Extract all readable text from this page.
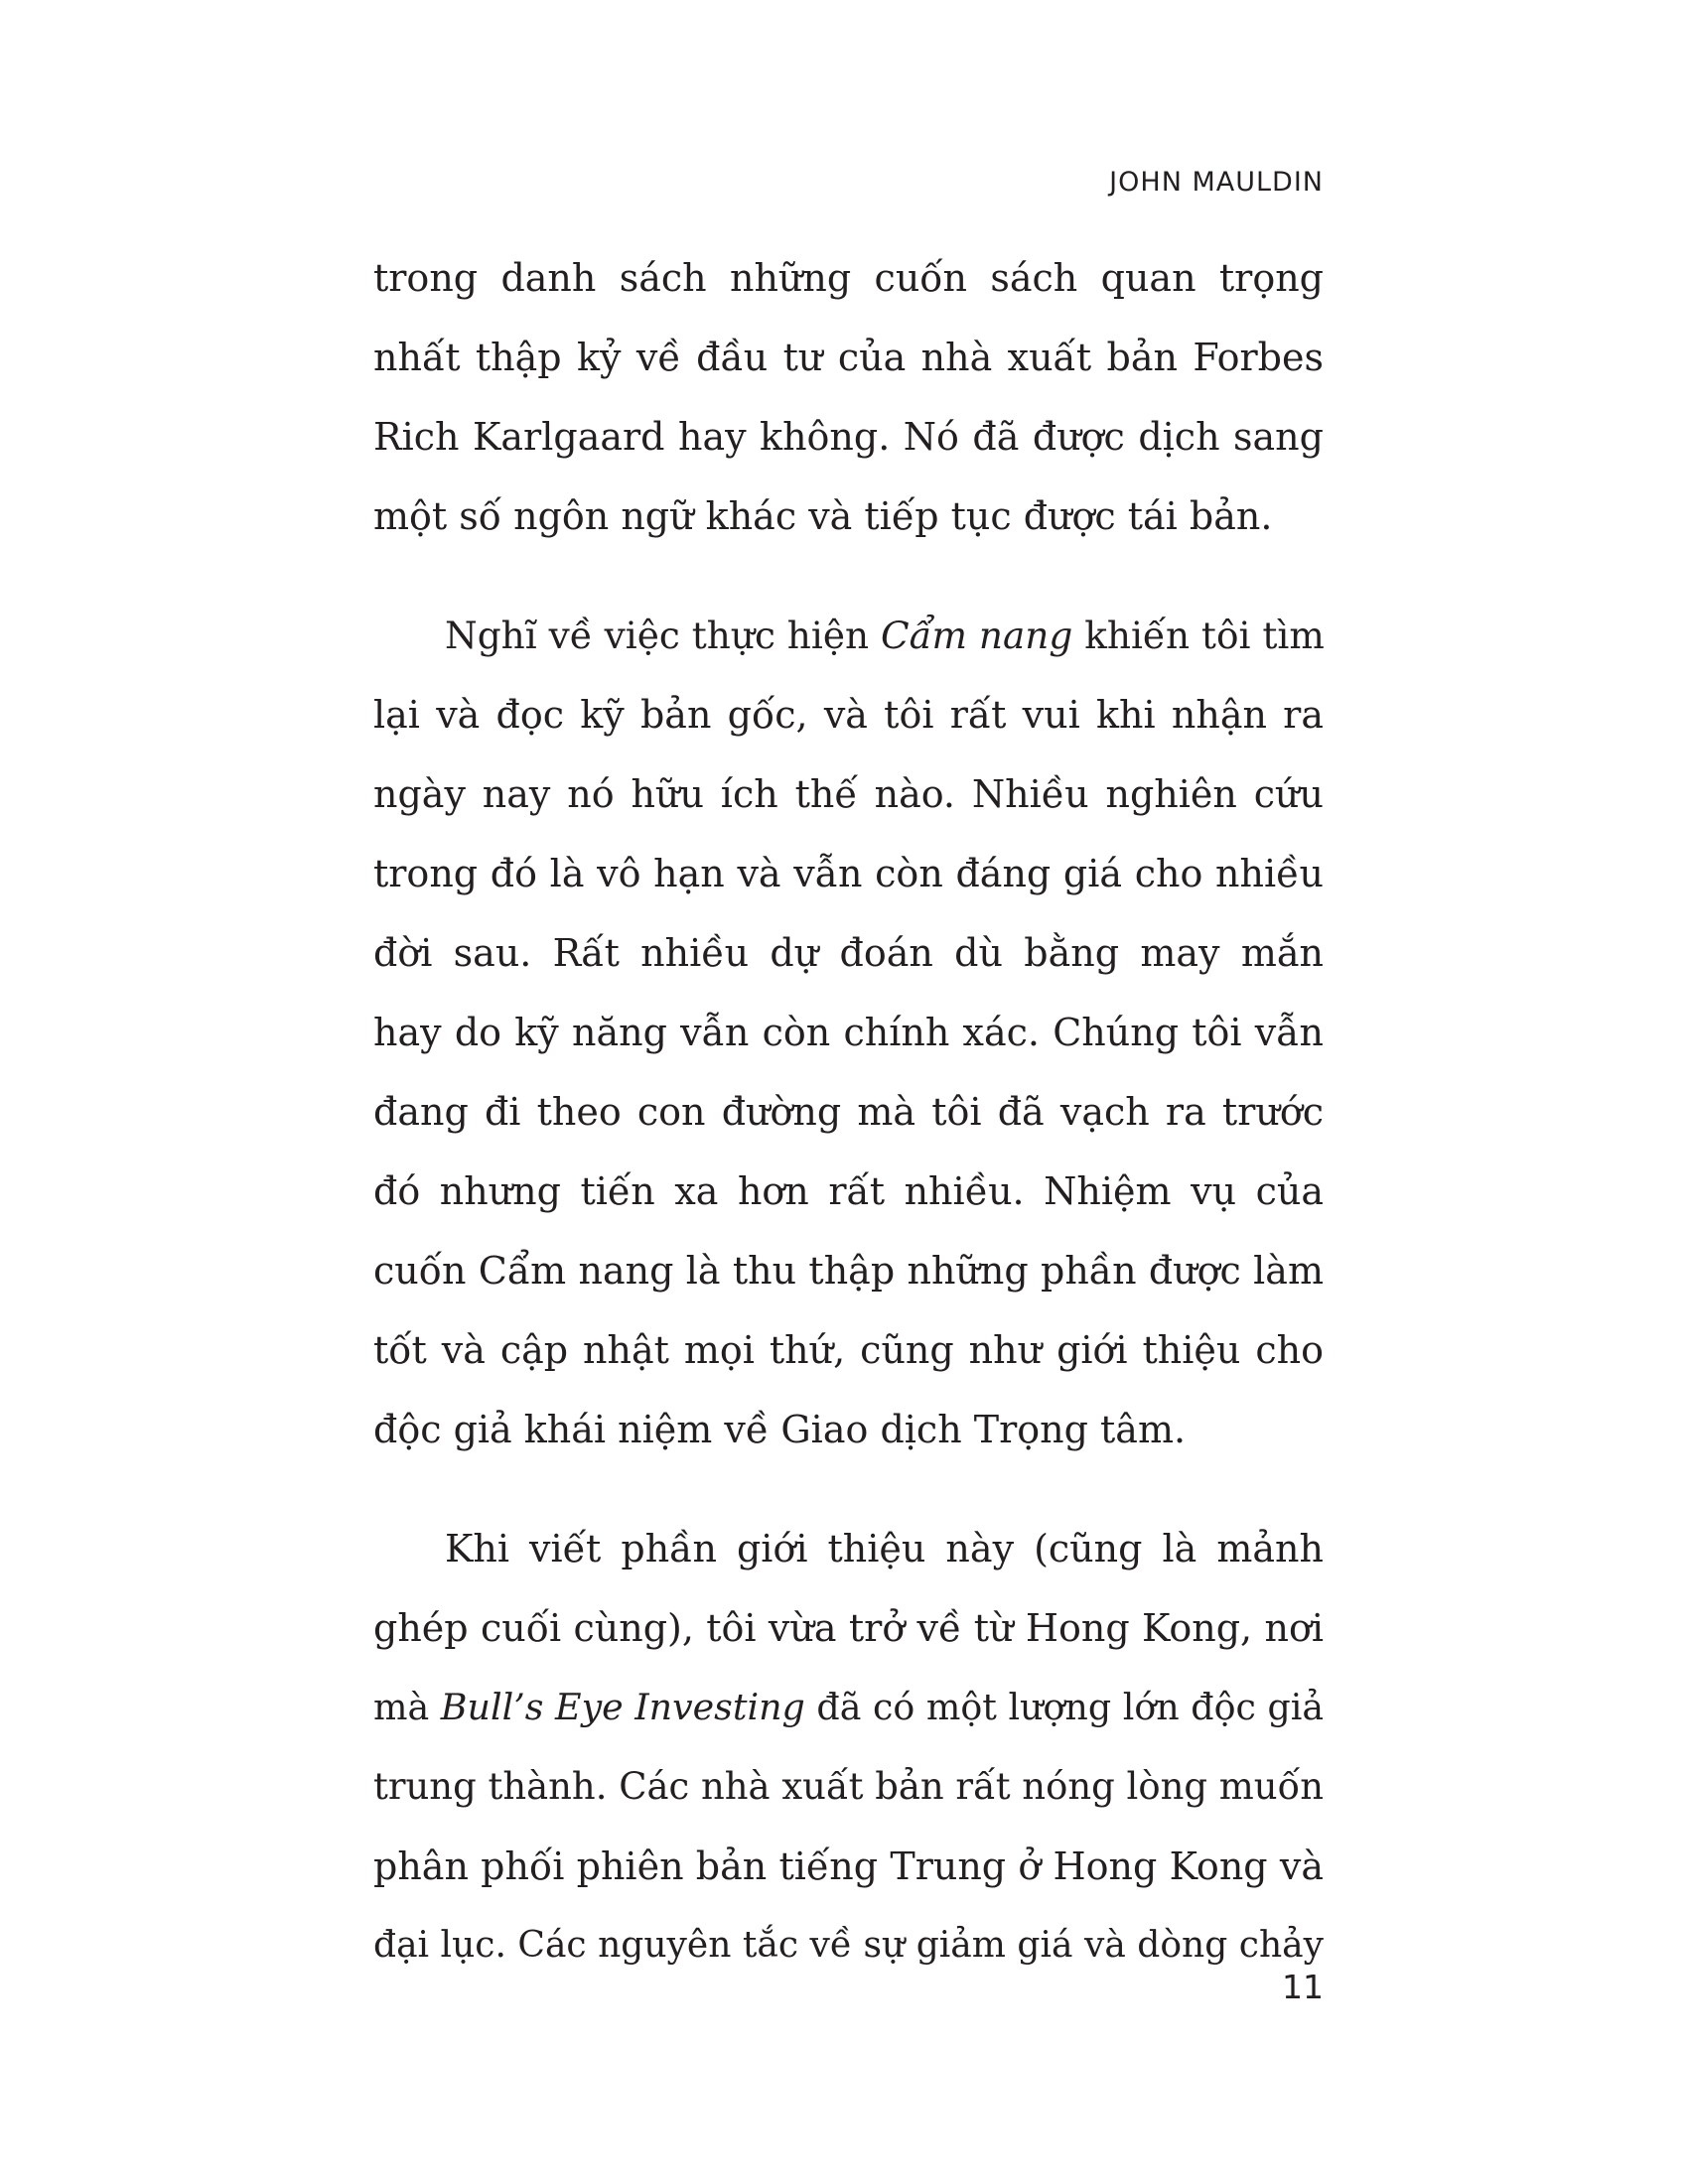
JOHN MAULDIN
trong danh sách những cuốn sách quan trọng
nhất thập kỷ về đầu tư của nhà xuất bản Forbes
Rich Karlgaard hay không. Nó đã được dịch sang
một số ngôn ngữ khác và tiếp tục được tái bản.
Nghĩ về việc thực hiện Cẩm nang khiến tôi tìm
lại và đọc kỹ bản gốc, và tôi rất vui khi nhận ra
ngày nay nó hữu ích thế nào. Nhiều nghiên cứu
trong đó là vô hạn và vẫn còn đáng giá cho nhiều
đời sau. Rất nhiều dự đoán dù bằng may mắn
hay do kỹ năng vẫn còn chính xác. Chúng tôi vẫn
đang đi theo con đường mà tôi đã vạch ra trước
đó nhưng tiến xa hơn rất nhiều. Nhiệm vụ của
cuốn Cẩm nang là thu thập những phần được làm
tốt và cập nhật mọi thứ, cũng như giới thiệu cho
độc giả khái niệm về Giao dịch Trọng tâm.
Khi viết phần giới thiệu này (cũng là mảnh
ghép cuối cùng), tôi vừa trở về từ Hong Kong, nơi
mà Bull’s Eye Investing đã có một lượng lớn độc giả
trung thành. Các nhà xuất bản rất nóng lòng muốn
phân phối phiên bản tiếng Trung ở Hong Kong và
đại lục. Các nguyên tắc về sự giảm giá và dòng chảy
11
